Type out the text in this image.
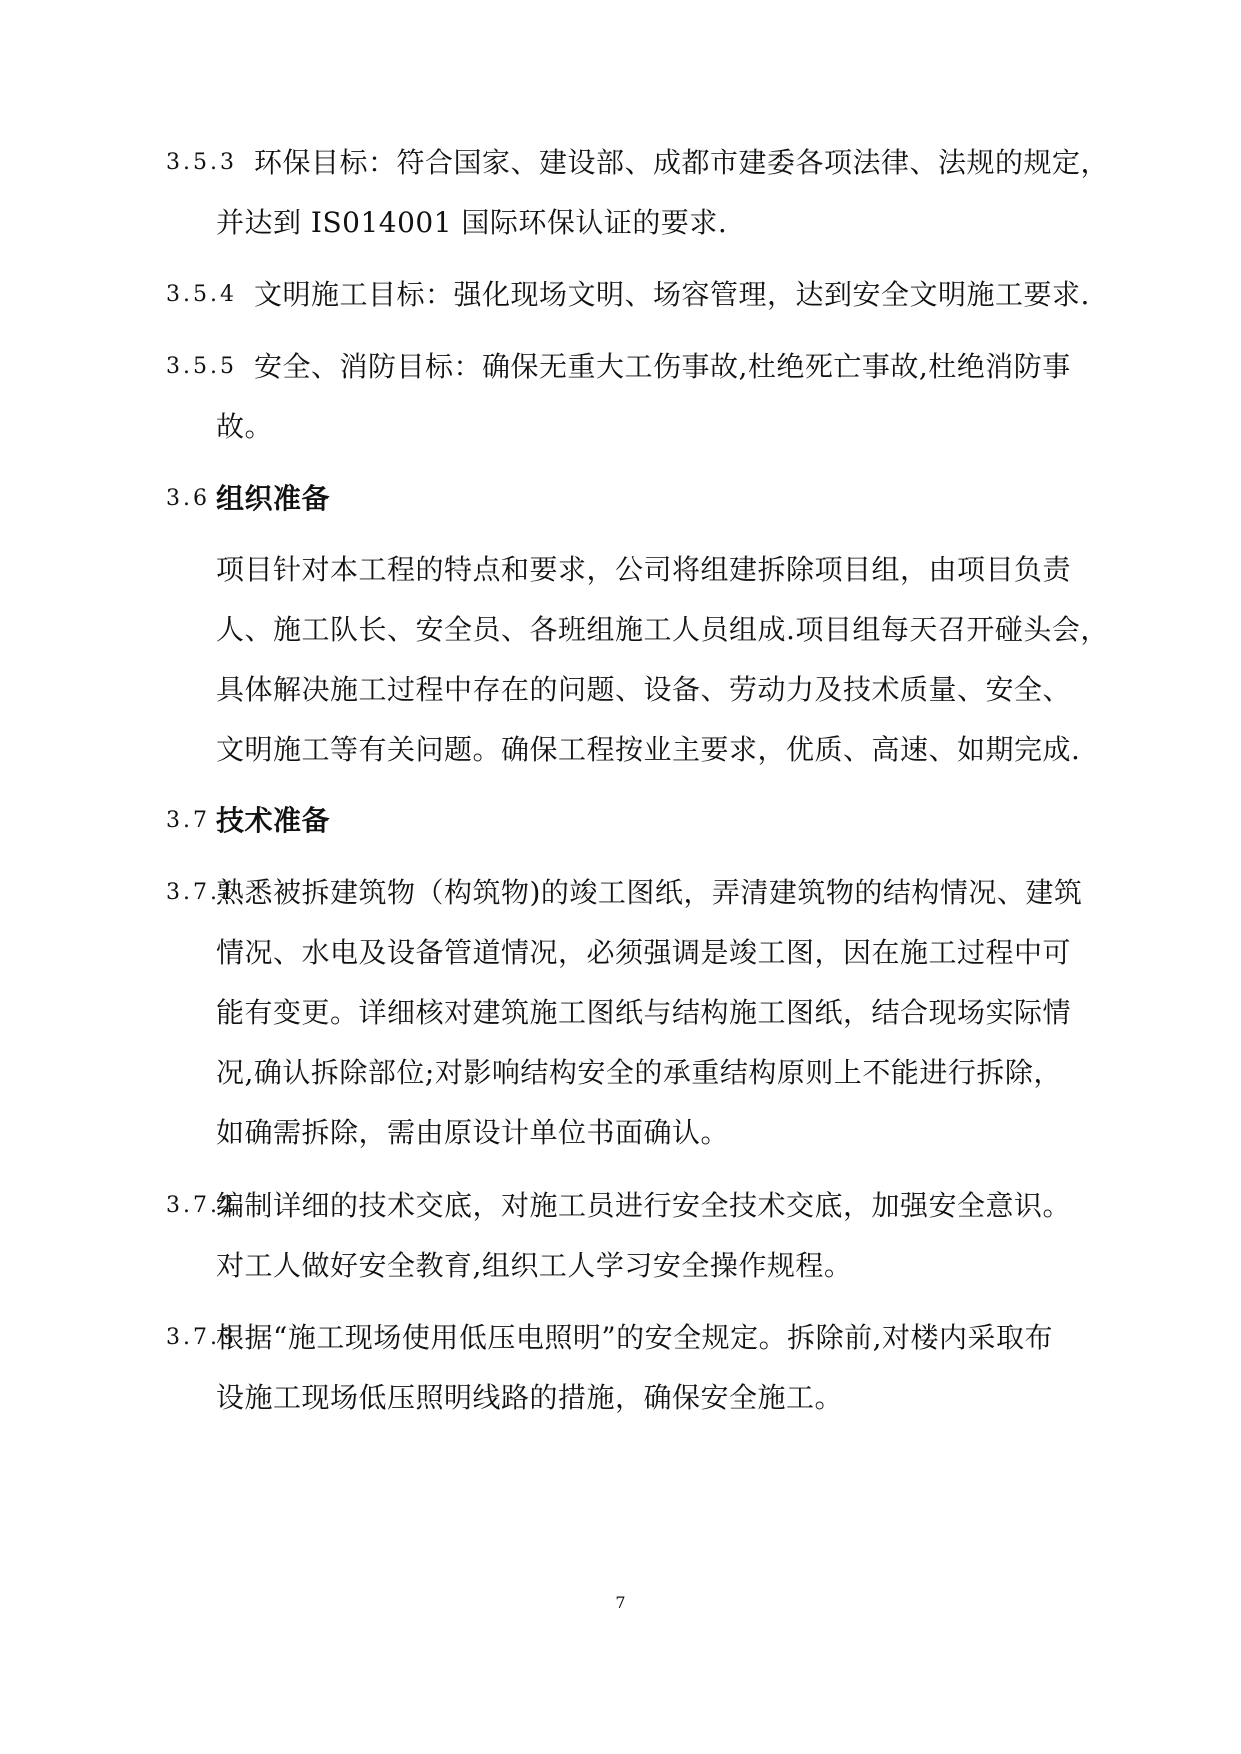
3.5.3 环保目标：符合国家、建设部、成都市建委各项法律、法规的规定，
并达到 IS014001 国际环保认证的要求.
3.5.4 文明施工目标：强化现场文明、场容管理，达到安全文明施工要求.
3.5.5 安全、消防目标：确保无重大工伤事故,杜绝死亡事故,杜绝消防事
故。
3.6 组织准备
项目针对本工程的特点和要求，公司将组建拆除项目组，由项目负责
人、施工队长、安全员、各班组施工人员组成.项目组每天召开碰头会，
具体解决施工过程中存在的问题、设备、劳动力及技术质量、安全、
文明施工等有关问题。确保工程按业主要求，优质、高速、如期完成.
3.7 技术准备
3.7.1
熟悉被拆建筑物（构筑物)的竣工图纸，弄清建筑物的结构情况、建筑
情况、水电及设备管道情况，必须强调是竣工图，因在施工过程中可
能有变更。详细核对建筑施工图纸与结构施工图纸，结合现场实际情
况,确认拆除部位;对影响结构安全的承重结构原则上不能进行拆除，
如确需拆除，需由原设计单位书面确认。
3.7.2
编制详细的技术交底，对施工员进行安全技术交底，加强安全意识。
对工人做好安全教育,组织工人学习安全操作规程。
3.7.3
根据“施工现场使用低压电照明”的安全规定。拆除前,对楼内采取布
设施工现场低压照明线路的措施，确保安全施工。
7
